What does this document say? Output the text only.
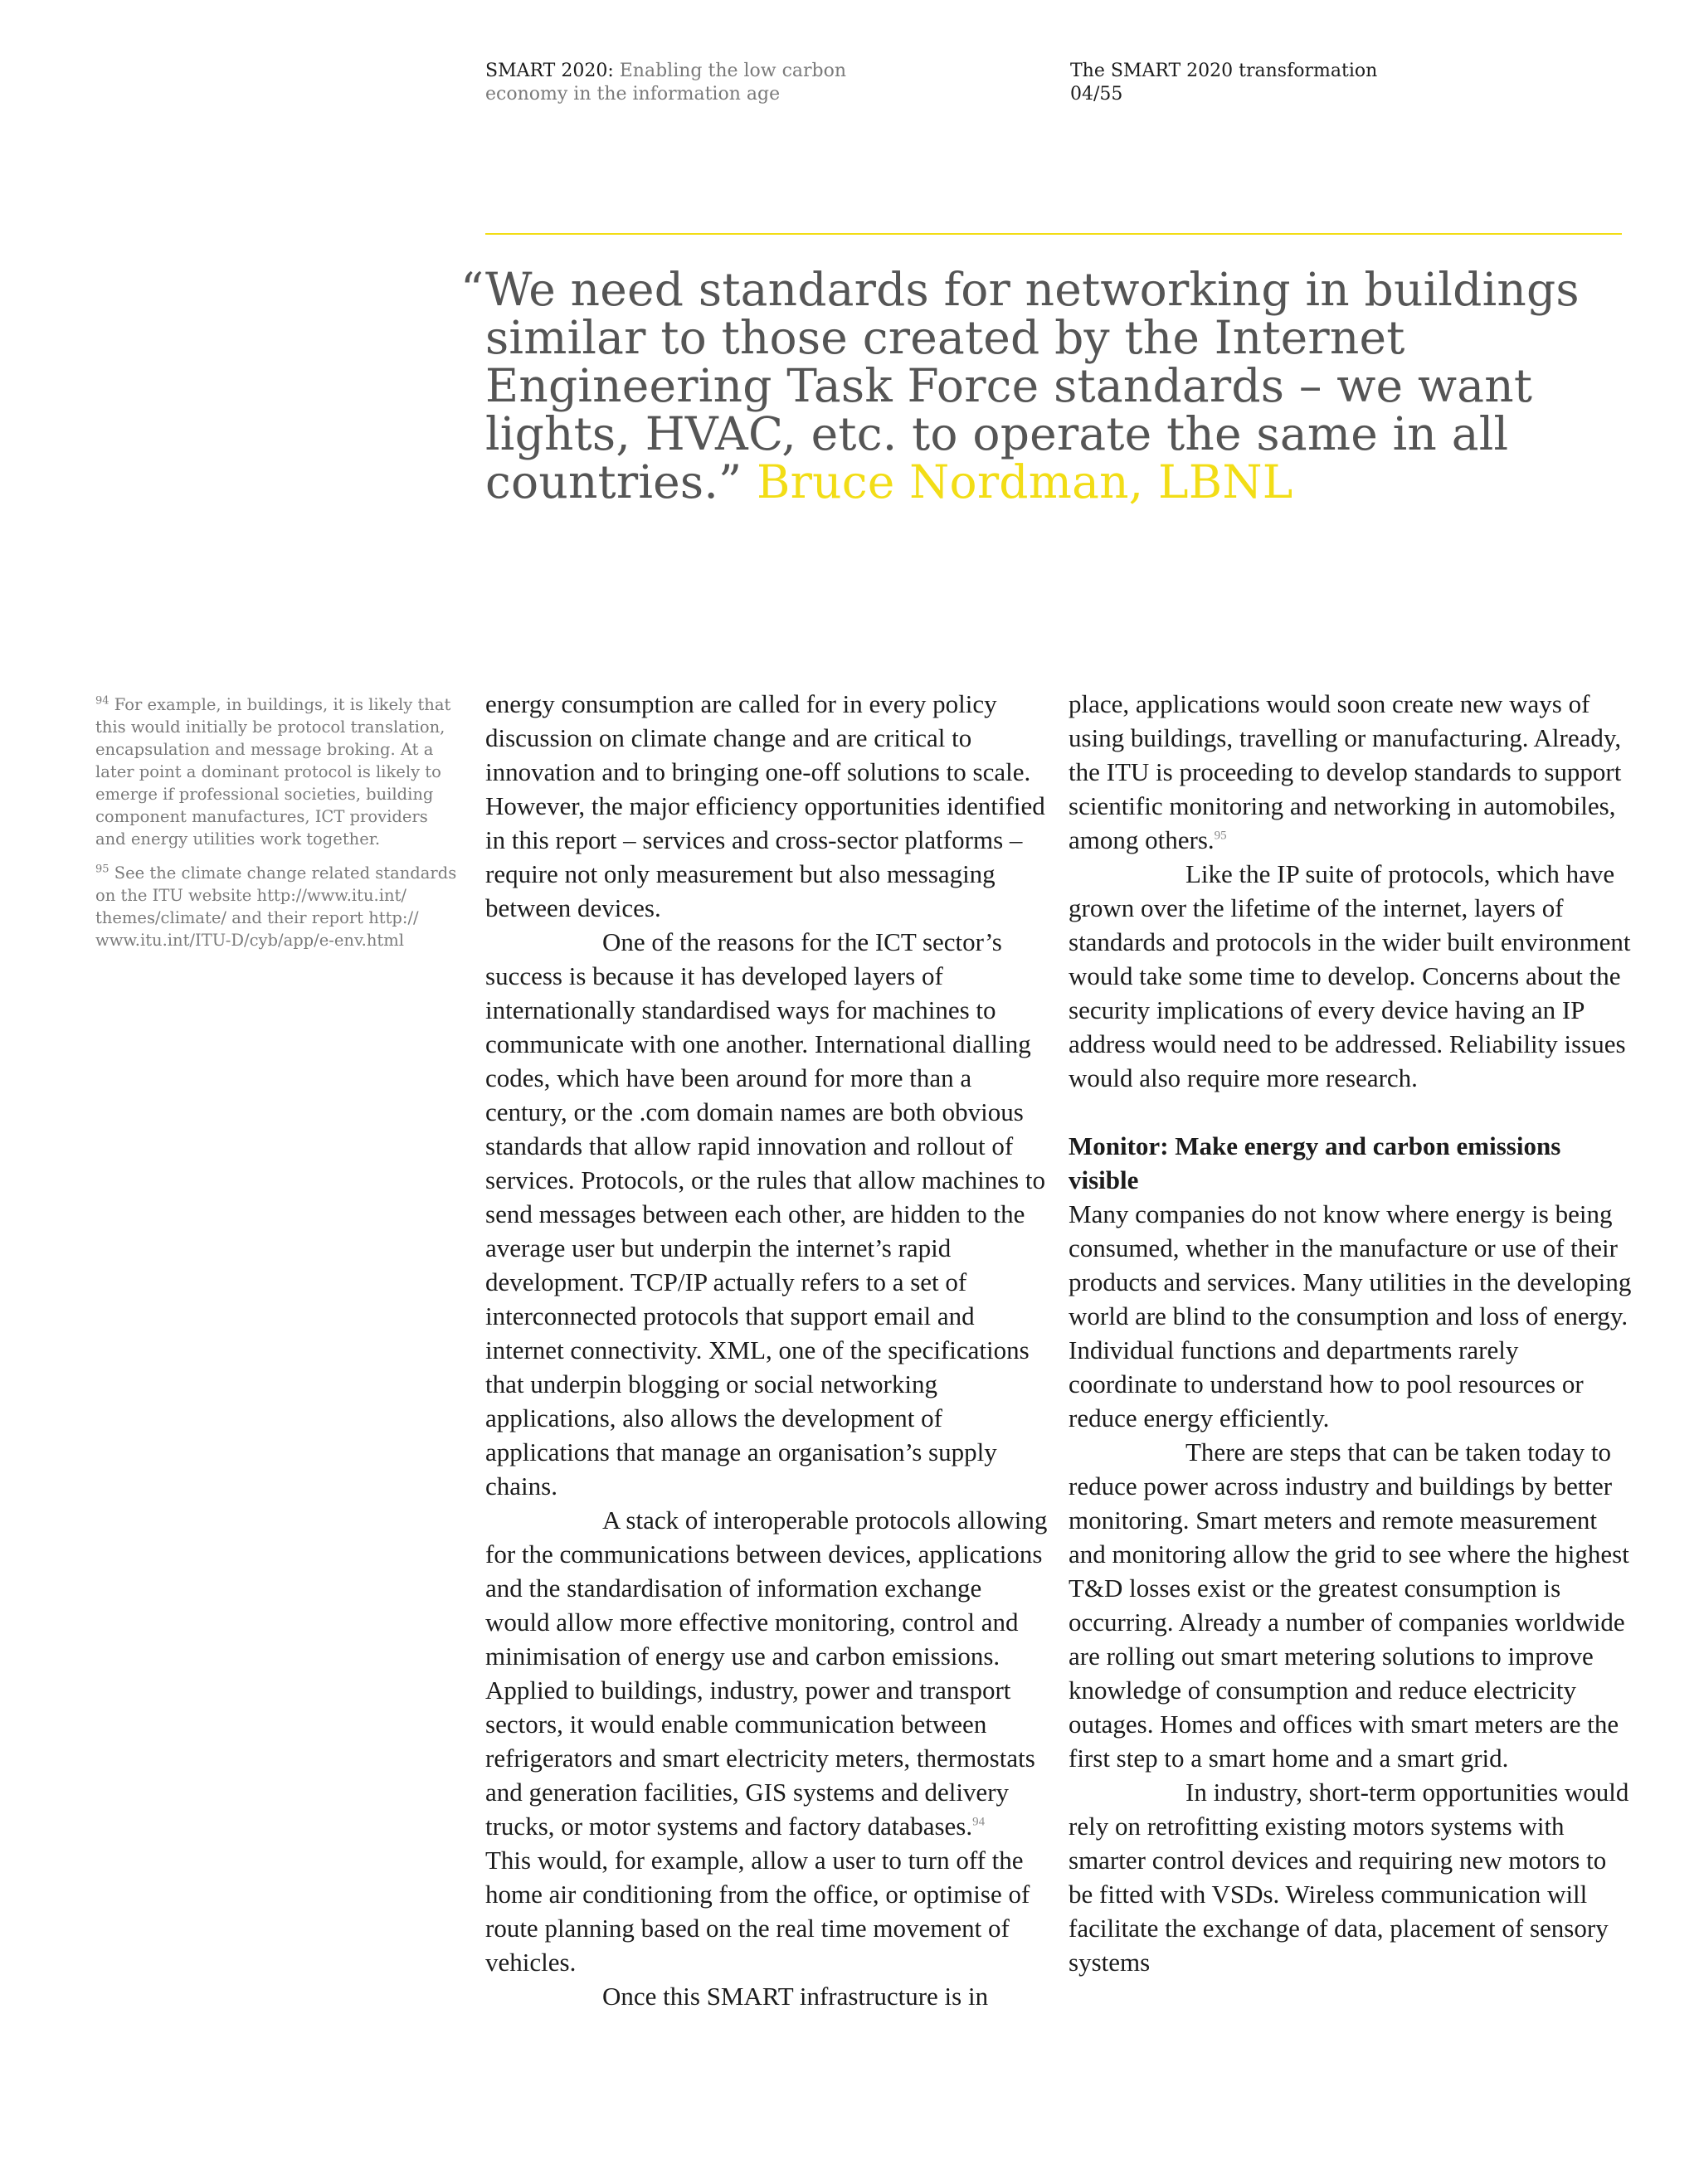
SMART 2020: Enabling the low carbon
economy in the information age
The SMART 2020 transformation
04/55
“ We need standards for networking in buildings similar to those created by the Internet Engineering Task Force standards – we want lights, HVAC, etc. to operate the same in all countries.” Bruce Nordman, LBNL

$^{94}$ For example, in buildings, it is likely that this would initially be protocol translation, encapsulation and message broking. At a later point a dominant protocol is likely to emerge if professional societies, building component manufactures, ICT providers and energy utilities work together.

$^{95}$ See the climate change related standards on the ITU website http://www.itu.int/ themes/climate/ and their report http:// www.itu.int/ITU-D/cyb/app/e-env.html

energy consumption are called for in every policy discussion on climate change and are critical to innovation and to bringing one-off solutions to scale. However, the major efficiency opportunities identified in this report – services and cross-sector platforms – require not only measurement but also messaging between devices.

One of the reasons for the ICT sector’s success is because it has developed layers of internationally standardised ways for machines to communicate with one another. International dialling codes, which have been around for more than a century, or the .com domain names are both obvious standards that allow rapid innovation and rollout of services. Protocols, or the rules that allow machines to send messages between each other, are hidden to the average user but underpin the internet’s rapid development. TCP/IP actually refers to a set of interconnected protocols that support email and internet connectivity. XML, one of the specifications that underpin blogging or social networking applications, also allows the development of applications that manage an organisation’s supply chains.

A stack of interoperable protocols allowing for the communications between devices, applications and the standardisation of information exchange would allow more effective monitoring, control and minimisation of energy use and carbon emissions. Applied to buildings, industry, power and transport sectors, it would enable communication between refrigerators and smart electricity meters, thermostats and generation facilities, GIS systems and delivery trucks, or motor systems and factory databases.$^{94}$

This would, for example, allow a user to turn off the home air conditioning from the office, or optimise of route planning based on the real time movement of vehicles.

Once this SMART infrastructure is in

place, applications would soon create new ways of using buildings, travelling or manufacturing. Already, the ITU is proceeding to develop standards to support scientific monitoring and networking in automobiles, among others.$^{95}$

Like the IP suite of protocols, which have grown over the lifetime of the internet, layers of standards and protocols in the wider built environment would take some time to develop. Concerns about the security implications of every device having an IP address would need to be addressed. Reliability issues would also require more research.

Monitor: Make energy and carbon emissions visible

Many companies do not know where energy is being consumed, whether in the manufacture or use of their products and services. Many utilities in the developing world are blind to the consumption and loss of energy. Individual functions and departments rarely coordinate to understand how to pool resources or reduce energy efficiently.

There are steps that can be taken today to reduce power across industry and buildings by better monitoring. Smart meters and remote measurement and monitoring allow the grid to see where the highest T&D losses exist or the greatest consumption is occurring. Already a number of companies worldwide are rolling out smart metering solutions to improve knowledge of consumption and reduce electricity outages. Homes and offices with smart meters are the first step to a smart home and a smart grid.

In industry, short-term opportunities would rely on retrofitting existing motors systems with smarter control devices and requiring new motors to be fitted with VSDs. Wireless communication will facilitate the exchange of data, placement of sensory systems
